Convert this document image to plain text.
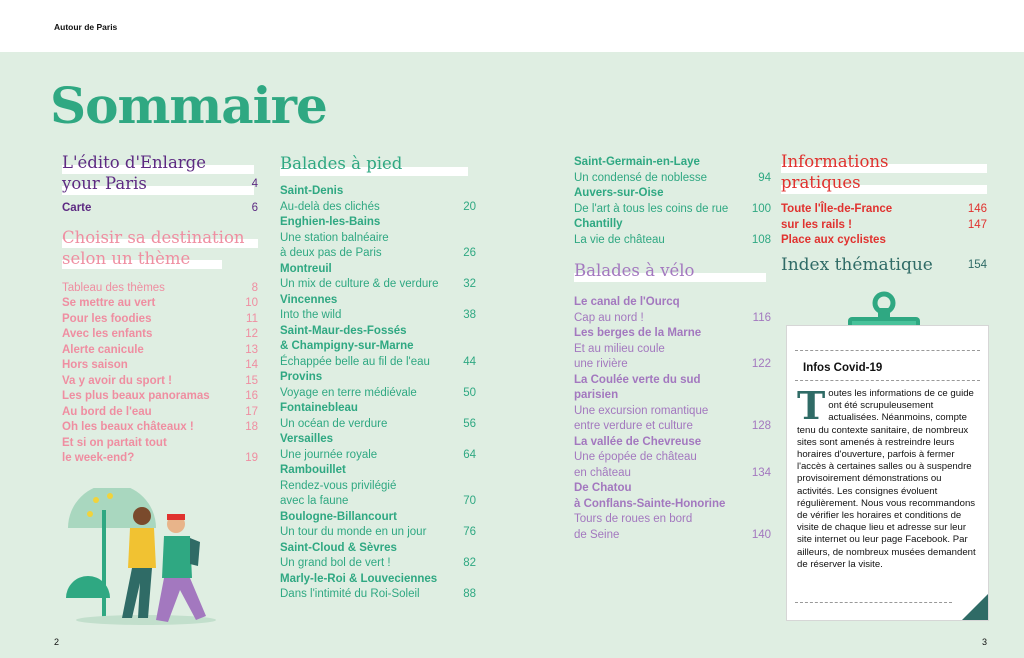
Autour de Paris
Sommaire
L'édito d'Enlarge
your Paris	4
Carte	6
Choisir sa destination
selon un thème
Tableau des thèmes	8
Se mettre au vert	10
Pour les foodies	11
Avec les enfants	12
Alerte canicule	13
Hors saison	14
Va y avoir du sport !	15
Les plus beaux panoramas	16
Au bord de l'eau	17
Oh les beaux châteaux !	18
Et si on partait tout
le week-end?	19
Balades à pied
Saint-Denis
Au-delà des clichés	20
Enghien-les-Bains
Une station balnéaire
à deux pas de Paris	26
Montreuil
Un mix de culture & de verdure 32
Vincennes
Into the wild	38
Saint-Maur-des-Fossés
& Champigny-sur-Marne
Échappée belle au fil de l'eau	44
Provins
Voyage en terre médiévale	50
Fontainebleau
Un océan de verdure	56
Versailles
Une journée royale	64
Rambouillet
Rendez-vous privilégié
avec la faune	70
Boulogne-Billancourt
Un tour du monde en un jour	76
Saint-Cloud & Sèvres
Un grand bol de vert !	82
Marly-le-Roi & Louveciennes
Dans l'intimité du Roi-Soleil	88
Saint-Germain-en-Laye
Un condensé de noblesse	94
Auvers-sur-Oise
De l'art à tous les coins de rue 100
Chantilly
La vie de château	108
Balades à vélo
Le canal de l'Ourcq
Cap au nord !	116
Les berges de la Marne
Et au milieu coule
une rivière	122
La Coulée verte du sud
parisien
Une excursion romantique
entre verdure et culture	128
La vallée de Chevreuse
Une épopée de château
en château	134
De Chatou
à Conflans-Sainte-Honorine
Tours de roues en bord
de Seine	140
Informations
pratiques
Toute l'Île-de-France	146
sur les rails !	147
Place aux cyclistes
Index thématique	154
Infos Covid-19
Toutes les informations de ce guide ont été scrupuleusement actualisées. Néanmoins, compte tenu du contexte sanitaire, de nombreux sites sont amenés à restreindre leurs horaires d'ouverture, parfois à fermer l'accès à certaines salles ou à suspendre provisoirement démonstrations ou activités. Les consignes évoluent régulièrement. Nous vous recommandons de vérifier les horaires et conditions de visite de chaque lieu et adresse sur leur site internet ou leur page Facebook. Par ailleurs, de nombreux musées demandent de réserver la visite.
2	3
